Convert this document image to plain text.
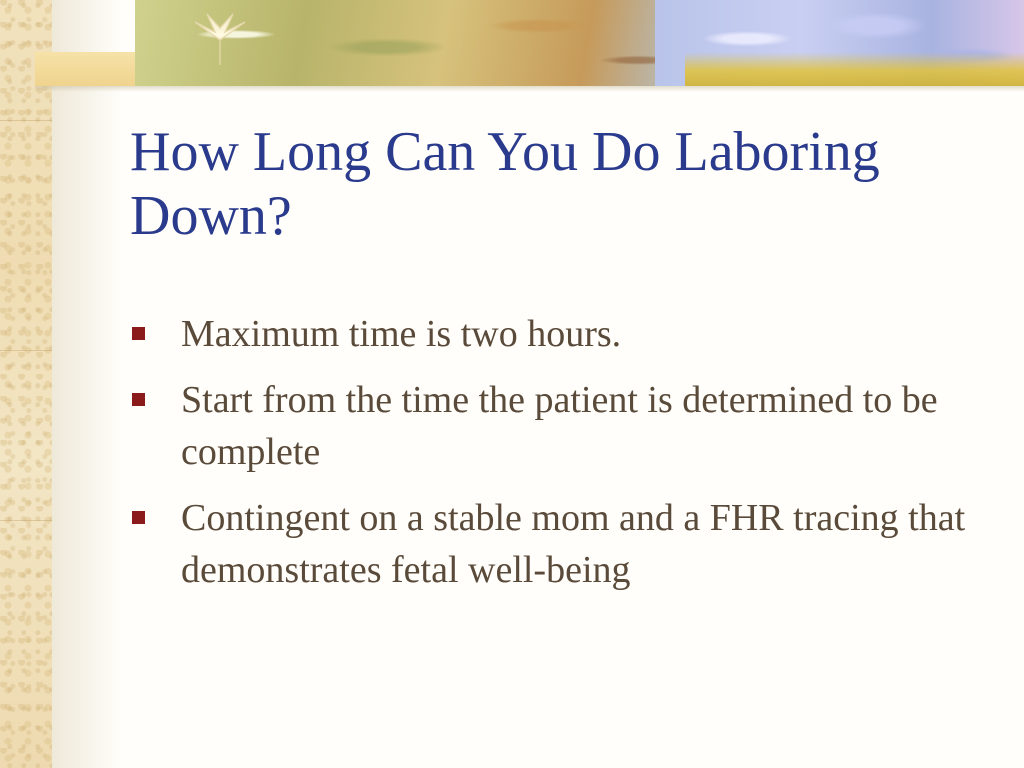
How Long Can You Do Laboring Down?
Maximum time is two hours.
Start from the time the patient is determined to be complete
Contingent on a stable mom and a FHR tracing that demonstrates fetal well-being
